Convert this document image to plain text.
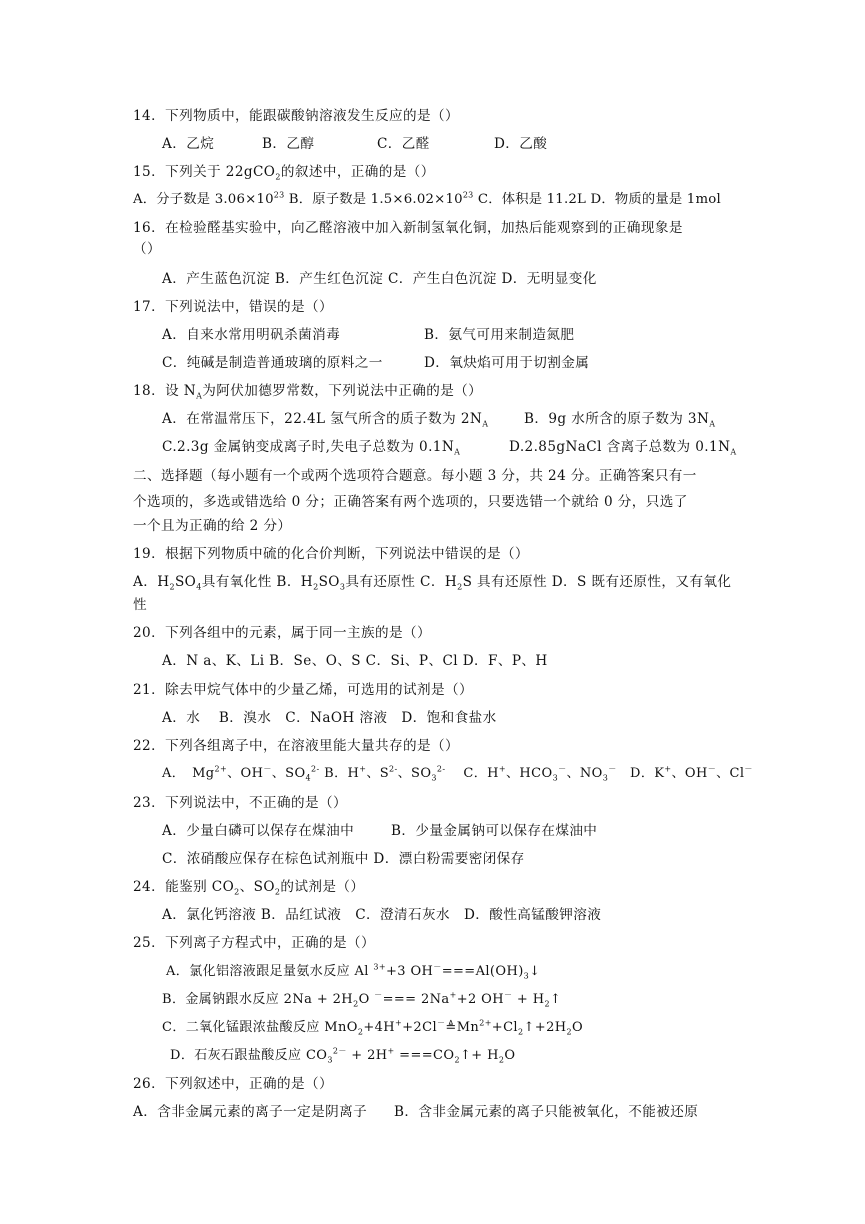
14．下列物质中，能跟碳酸钠溶液发生反应的是（）
A．乙烷	B．乙醇	C．乙醛	D．乙酸
15．下列关于 22gCO$_2$的叙述中，正确的是（）
A．分子数是 $3.06\times 10^{23}$ B．原子数是 $1.5\times 6.02\times 10^{23}$ C．体积是 11.2L D．物质的量是 1mol
16．在检验醛基实验中，向乙醛溶液中加入新制氢氧化铜，加热后能观察到的正确现象是
（）
A．产生蓝色沉淀 B．产生红色沉淀 C．产生白色沉淀 D．无明显变化
17．下列说法中，错误的是（）
A．自来水常用明矾杀菌消毒	B．氨气可用来制造氮肥
C．纯碱是制造普通玻璃的原料之一	D．氧炔焰可用于切割金属
18．设 $N_A$为阿伏加德罗常数，下列说法中正确的是（）
A．在常温常压下，22.4L 氢气所含的质子数为 $2N_A$	B．9g 水所含的原子数为 $3N_A$
C.2.3g 金属钠变成离子时,失电子总数为 $0.1N_A$	D.2.85gNaCl 含离子总数为 $0.1N_A$
二、选择题（每小题有一个或两个选项符合题意。每小题 3 分，共 24 分。正确答案只有一
个选项的，多选或错选给 0 分；正确答案有两个选项的，只要选错一个就给 0 分，只选了
一个且为正确的给 2 分）
19．根据下列物质中硫的化合价判断，下列说法中错误的是（）
A．$H_2SO_4$具有氧化性 B．$H_2SO_3$具有还原性 C．$H_2S$ 具有还原性 D．S 既有还原性，又有氧化
性
20．下列各组中的元素，属于同一主族的是（）
A．N a、K、Li B．Se、O、S C．Si、P、Cl D．F、P、H
21．除去甲烷气体中的少量乙烯，可选用的试剂是（）
A．水　 B．溴水　C．NaOH 溶液　D．饱和食盐水
22．下列各组离子中，在溶液里能大量共存的是（）
A．　$Mg^{2+}$、OH－、$SO_4^{2-}$ B．H+、$S^{2-}$、$SO_3^{2-}$　 C．H+、$HCO_3^-$、$NO_3^-$　D．K+、OH－、Cl－
23．下列说法中，不正确的是（）
A．少量白磷可以保存在煤油中	B．少量金属钠可以保存在煤油中
C．浓硝酸应保存在棕色试剂瓶中 D．漂白粉需要密闭保存
24．能鉴别 $CO_2$、$SO_2$的试剂是（）
A．氯化钙溶液 B．品红试液　C．澄清石灰水　D．酸性高锰酸钾溶液
25．下列离子方程式中，正确的是（）
A．氯化铝溶液跟足量氨水反应 Al $^{3+}$+3 $OH^-===Al(OH)_3↓$
B．金属钠跟水反应 $2Na + 2H_2O$ －=== 2Na++2 $OH^- + H_2↑$
C．二氧化锰跟浓盐酸反应 $MnO_2+4H^++2Cl^-≜Mn^{2+}+Cl_2↑+2H_2O$
D．石灰石跟盐酸反应 $CO_3^{2-} + 2H^+$ $===CO_2↑+ H_2O$
26．下列叙述中，正确的是（）
A．含非金属元素的离子一定是阴离子 B．含非金属元素的离子只能被氧化，不能被还原
